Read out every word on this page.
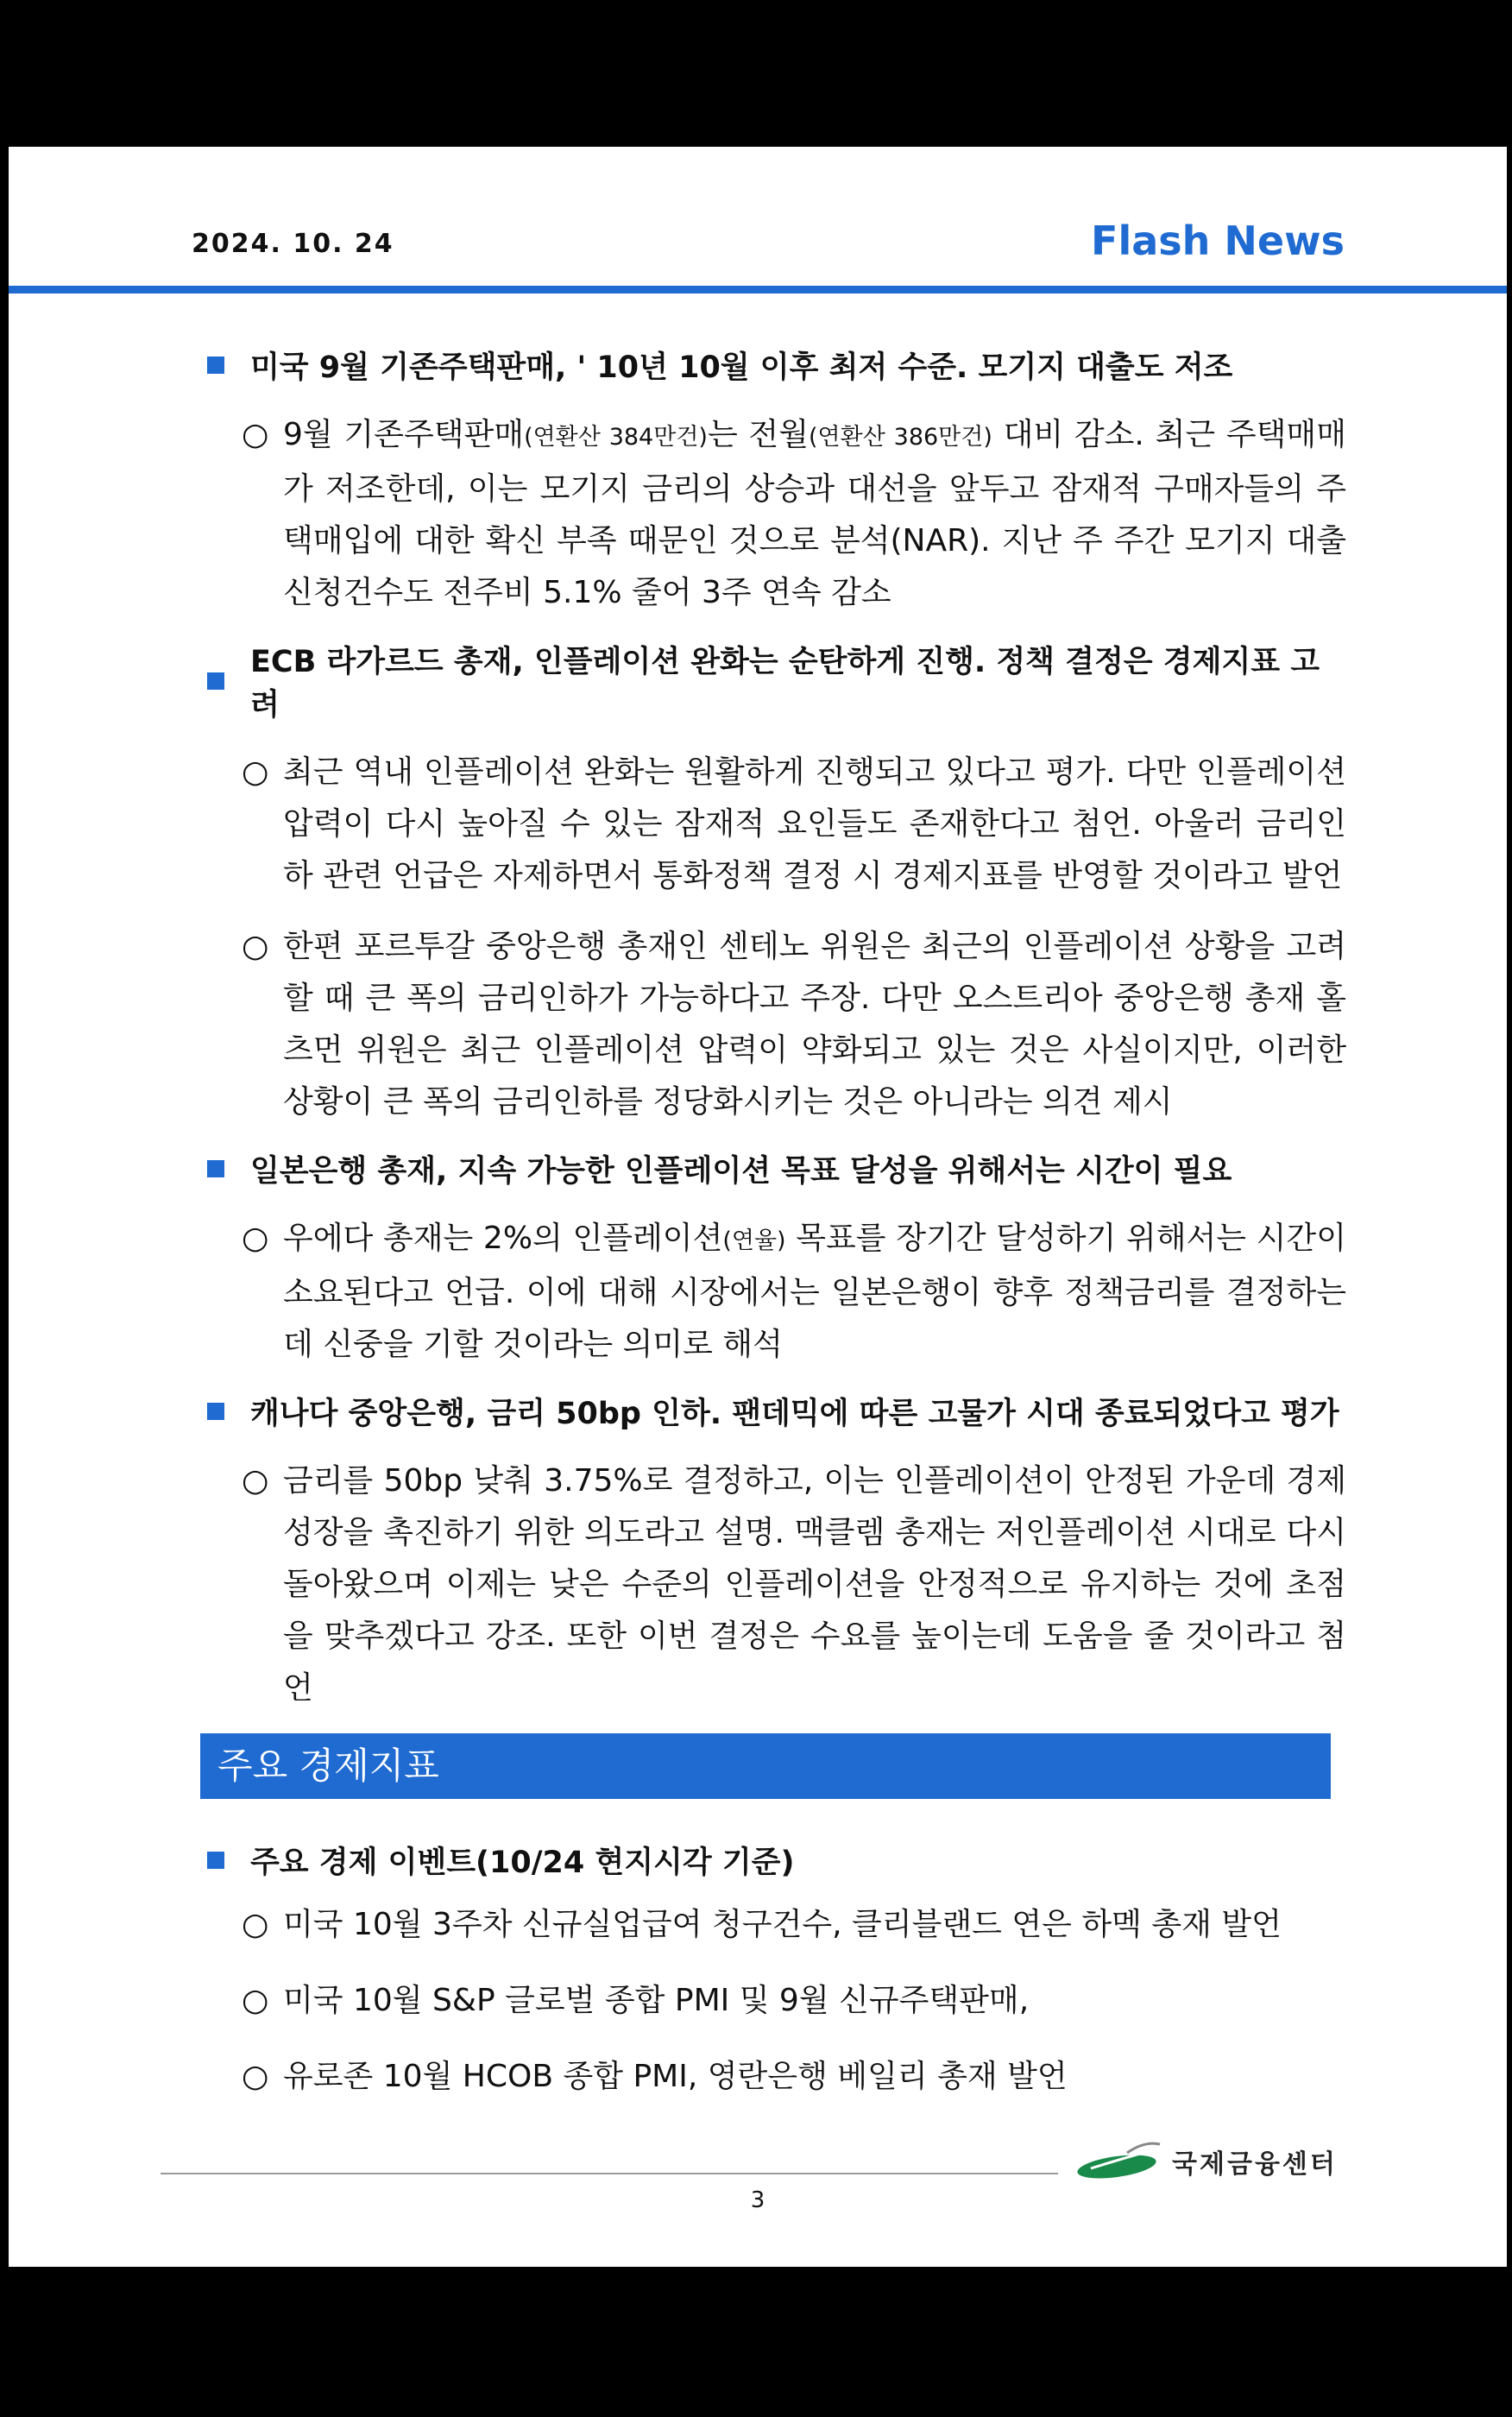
2024. 10. 24	Flash News
미국 9월 기존주택판매, ' 10년 10월 이후 최저 수준. 모기지 대출도 저조
○ 9월 기존주택판매(연환산 384만건)는 전월(연환산 386만건) 대비 감소. 최근 주택매매가 저조한데, 이는 모기지 금리의 상승과 대선을 앞두고 잠재적 구매자들의 주택매입에 대한 확신 부족 때문인 것으로 분석(NAR). 지난 주 주간 모기지 대출 신청건수도 전주비 5.1% 줄어 3주 연속 감소
ECB 라가르드 총재, 인플레이션 완화는 순탄하게 진행. 정책 결정은 경제지표 고려
○ 최근 역내 인플레이션 완화는 원활하게 진행되고 있다고 평가. 다만 인플레이션 압력이 다시 높아질 수 있는 잠재적 요인들도 존재한다고 첨언. 아울러 금리인하 관련 언급은 자제하면서 통화정책 결정 시 경제지표를 반영할 것이라고 발언
○ 한편 포르투갈 중앙은행 총재인 센테노 위원은 최근의 인플레이션 상황을 고려할 때 큰 폭의 금리인하가 가능하다고 주장. 다만 오스트리아 중앙은행 총재 홀츠먼 위원은 최근 인플레이션 압력이 약화되고 있는 것은 사실이지만, 이러한 상황이 큰 폭의 금리인하를 정당화시키는 것은 아니라는 의견 제시
일본은행 총재, 지속 가능한 인플레이션 목표 달성을 위해서는 시간이 필요
○ 우에다 총재는 2%의 인플레이션(연율) 목표를 장기간 달성하기 위해서는 시간이 소요된다고 언급. 이에 대해 시장에서는 일본은행이 향후 정책금리를 결정하는데 신중을 기할 것이라는 의미로 해석
캐나다 중앙은행, 금리 50bp 인하. 팬데믹에 따른 고물가 시대 종료되었다고 평가
○ 금리를 50bp 낮춰 3.75%로 결정하고, 이는 인플레이션이 안정된 가운데 경제 성장을 촉진하기 위한 의도라고 설명. 맥클렘 총재는 저인플레이션 시대로 다시 돌아왔으며 이제는 낮은 수준의 인플레이션을 안정적으로 유지하는 것에 초점을 맞추겠다고 강조. 또한 이번 결정은 수요를 높이는데 도움을 줄 것이라고 첨언
주요 경제지표
주요 경제 이벤트(10/24 현지시각 기준)
○ 미국 10월 3주차 신규실업급여 청구건수, 클리블랜드 연은 하멕 총재 발언
○ 미국 10월 S&P 글로벌 종합 PMI 및 9월 신규주택판매,
○ 유로존 10월 HCOB 종합 PMI, 영란은행 베일리 총재 발언
국제금융센터
3
